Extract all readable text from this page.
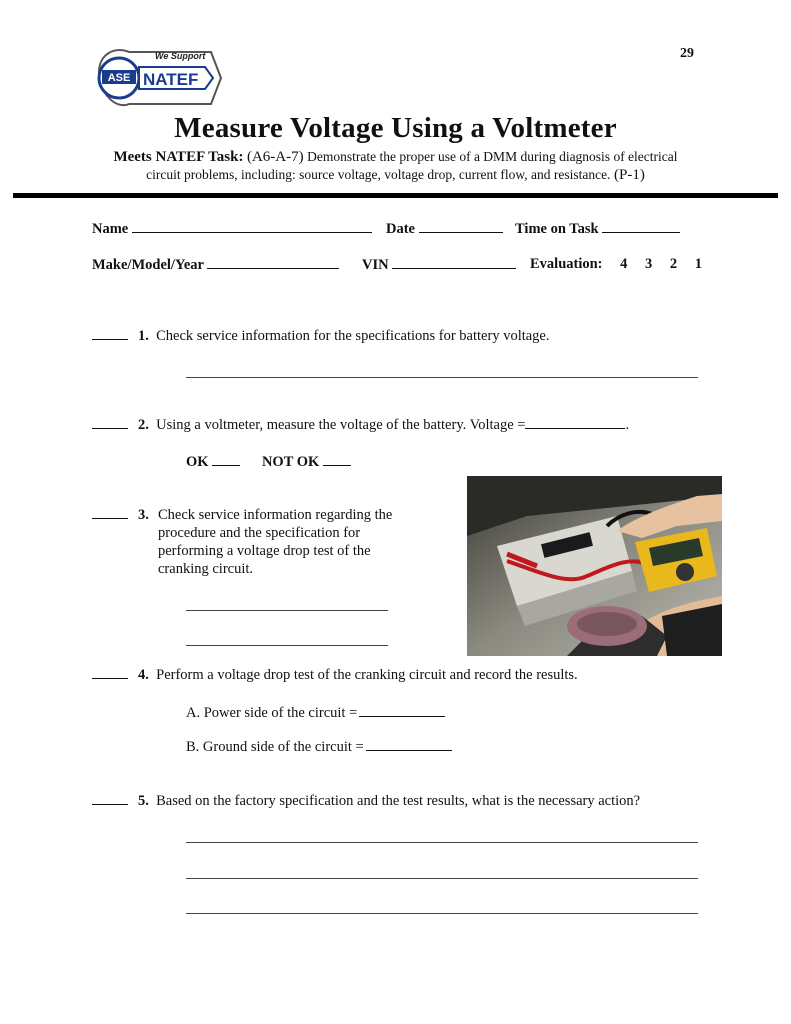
29
We Support
ASE NATEF
Measure Voltage Using a Voltmeter
Meets NATEF Task: (A6-A-7) Demonstrate the proper use of a DMM during diagnosis of electrical
circuit problems, including: source voltage, voltage drop, current flow, and resistance. (P-1)
Name	Date	Time on Task
Make/Model/Year	VIN	Evaluation: 4 3 2 1
1. Check service information for the specifications for battery voltage.
2. Using a voltmeter, measure the voltage of the battery. Voltage =	.
OK	NOT OK
3. Check service information regarding the
procedure and the specification for
performing a voltage drop test of the
cranking circuit.
4. Perform a voltage drop test of the cranking circuit and record the results.
A. Power side of the circuit =
B. Ground side of the circuit =
5. Based on the factory specification and the test results, what is the necessary action?
